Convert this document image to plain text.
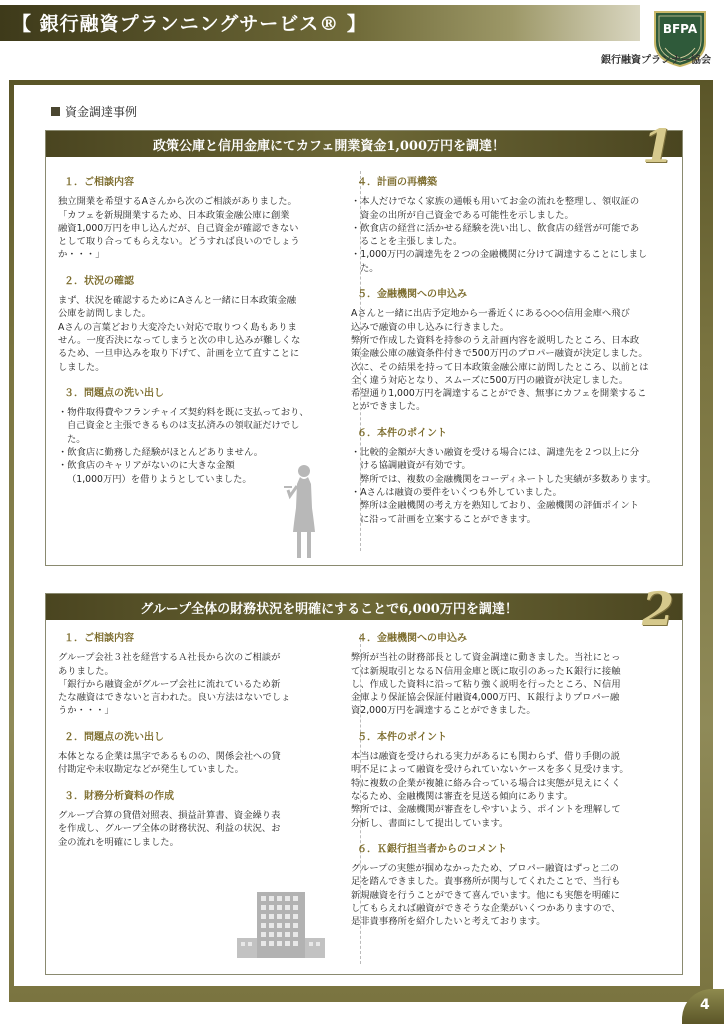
【 銀行融資プランニングサービス® 】	BFPA
銀行融資プランナー協会
資金調達事例
政策公庫と信用金庫にてカフェ開業資金1,000万円を調達！	1
１．ご相談内容
独立開業を希望するAさんから次のご相談がありました。
「カフェを新規開業するため、日本政策金融公庫に創業
融資1,000万円を申し込んだが、自己資金が確認できない
として取り合ってもらえない。どうすれば良いのでしょう
か・・・」
２．状況の確認
まず、状況を確認するためにAさんと一緒に日本政策金融
公庫を訪問しました。
Aさんの言葉どおり大変冷たい対応で取りつく島もありま
せん。一度否決になってしまうと次の申し込みが難しくな
るため、一旦申込みを取り下げて、計画を立て直すことに
しました。
３．問題点の洗い出し
・物件取得費やフランチャイズ契約料を既に支払っており、
自己資金と主張できるものは支払済みの領収証だけでし
た。
・飲食店に勤務した経験がほとんどありません。
・飲食店のキャリアがないのに大きな金額
（1,000万円）を借りようとしていました。
４．計画の再構築
・本人だけでなく家族の通帳も用いてお金の流れを整理し、領収証の
資金の出所が自己資金である可能性を示しました。
・飲食店の経営に活かせる経験を洗い出し、飲食店の経営が可能であ
ることを主張しました。
・1,000万円の調達先を２つの金融機関に分けて調達することにしまし
た。
５．金融機関への申込み
Aさんと一緒に出店予定地から一番近くにある◇◇◇信用金庫へ飛び
込みで融資の申し込みに行きました。
弊所で作成した資料を持参のうえ計画内容を説明したところ、日本政
策金融公庫の融資条件付きで500万円のプロパー融資が決定しました。
次に、その結果を持って日本政策金融公庫に訪問したところ、以前とは
全く違う対応となり、スムーズに500万円の融資が決定しました。
希望通り1,000万円を調達することができ、無事にカフェを開業するこ
とができました。
６．本件のポイント
・比較的金額が大きい融資を受ける場合には、調達先を２つ以上に分
ける協調融資が有効です。
弊所では、複数の金融機関をコーディネートした実績が多数あります。
・Aさんは融資の要件をいくつも外していました。
弊所は金融機関の考え方を熟知しており、金融機関の評価ポイント
に沿って計画を立案することができます。
グループ全体の財務状況を明確にすることで6,000万円を調達！	2
１．ご相談内容
グループ会社３社を経営するＡ社長から次のご相談が
ありました。
「銀行から融資金がグループ会社に流れているため新
たな融資はできないと言われた。良い方法はないでしょ
うか・・・」
２．問題点の洗い出し
本体となる企業は黒字であるものの、関係会社への貸
付勘定や未収勘定などが発生していました。
３．財務分析資料の作成
グループ合算の貸借対照表、損益計算書、資金繰り表
を作成し、グループ全体の財務状況、利益の状況、お
金の流れを明確にしました。
４．金融機関への申込み
弊所が当社の財務部長として資金調達に動きました。当社にとっ
ては新規取引となるＮ信用金庫と既に取引のあったＫ銀行に接触
し、作成した資料に沿って粘り強く説明を行ったところ、Ｎ信用
金庫より保証協会保証付融資4,000万円、Ｋ銀行よりプロパー融
資2,000万円を調達することができました。
５．本件のポイント
本当は融資を受けられる実力があるにも関わらず、借り手側の説
明不足によって融資を受けられていないケースを多く見受けます。
特に複数の企業が複雑に絡み合っている場合は実態が見えにくく
なるため、金融機関は審査を見送る傾向にあります。
弊所では、金融機関が審査をしやすいよう、ポイントを理解して
分析し、書面にして提出しています。
６．Ｋ銀行担当者からのコメント
グループの実態が掴めなかったため、プロパー融資はずっと二の
足を踏んできました。貴事務所が関与してくれたことで、当行も
新規融資を行うことができて喜んでいます。他にも実態を明確に
してもらえれば融資ができそうな企業がいくつかありますので、
是非貴事務所を紹介したいと考えております。
4
